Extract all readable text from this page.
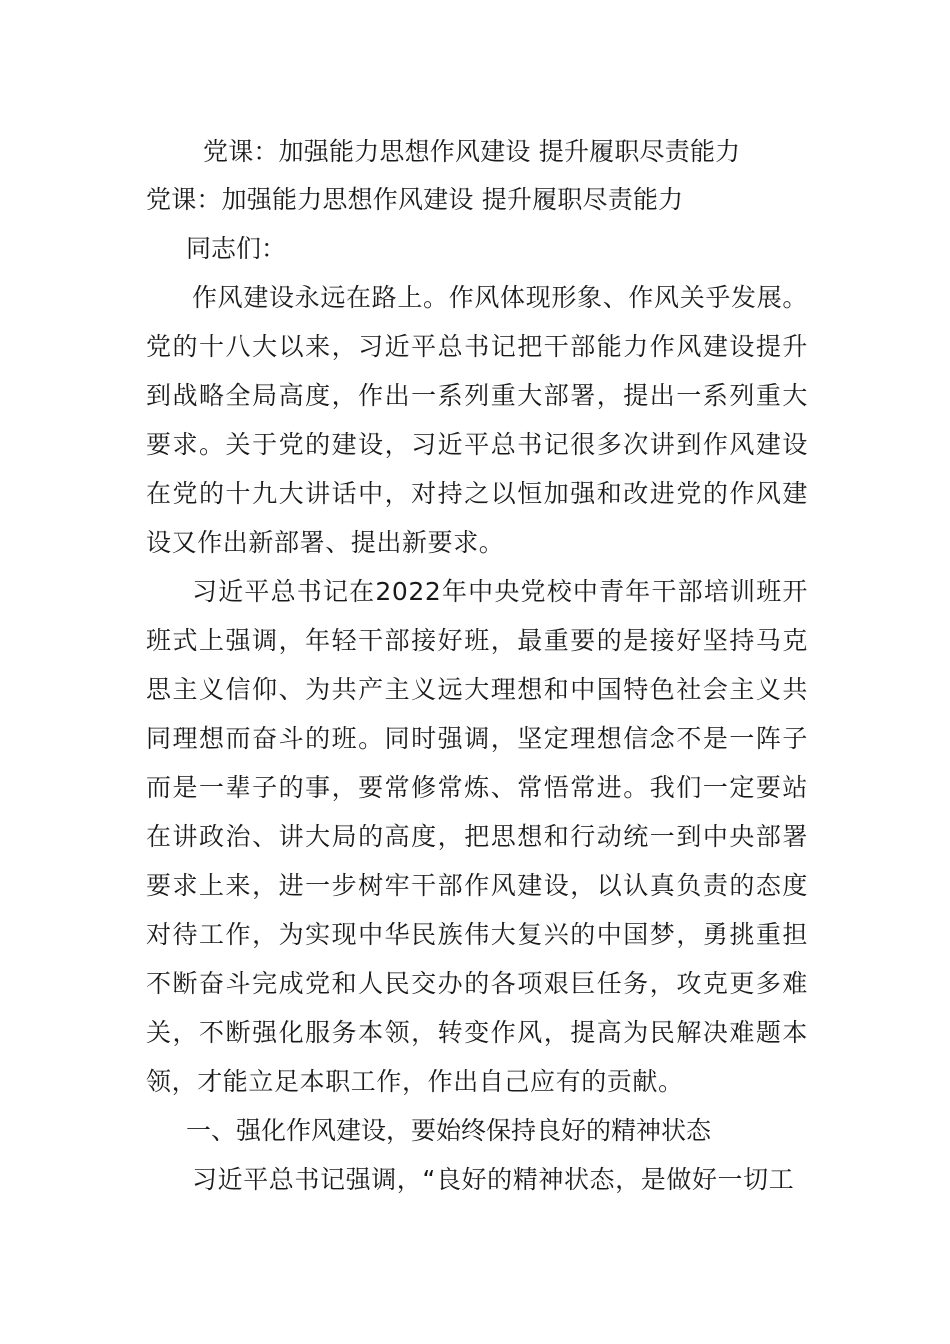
党课：加强能力思想作风建设 提升履职尽责能力
党课：加强能力思想作风建设 提升履职尽责能力

同志们：

作风建设永远在路上。作风体现形象、作风关乎发展。党的十八大以来，习近平总书记把干部能力作风建设提升到战略全局高度，作出一系列重大部署，提出一系列重大要求。关于党的建设，习近平总书记很多次讲到作风建设在党的十九大讲话中，对持之以恒加强和改进党的作风建设又作出新部署、提出新要求。

习近平总书记在2022年中央党校中青年干部培训班开班式上强调，年轻干部接好班，最重要的是接好坚持马克思主义信仰、为共产主义远大理想和中国特色社会主义共同理想而奋斗的班。同时强调，坚定理想信念不是一阵子而是一辈子的事，要常修常炼、常悟常进。我们一定要站在讲政治、讲大局的高度，把思想和行动统一到中央部署要求上来，进一步树牢干部作风建设，以认真负责的态度对待工作，为实现中华民族伟大复兴的中国梦，勇挑重担不断奋斗完成党和人民交办的各项艰巨任务，攻克更多难关，不断强化服务本领，转变作风，提高为民解决难题本领，才能立足本职工作，作出自己应有的贡献。

一、强化作风建设，要始终保持良好的精神状态

习近平总书记强调，“良好的精神状态，是做好一切工
